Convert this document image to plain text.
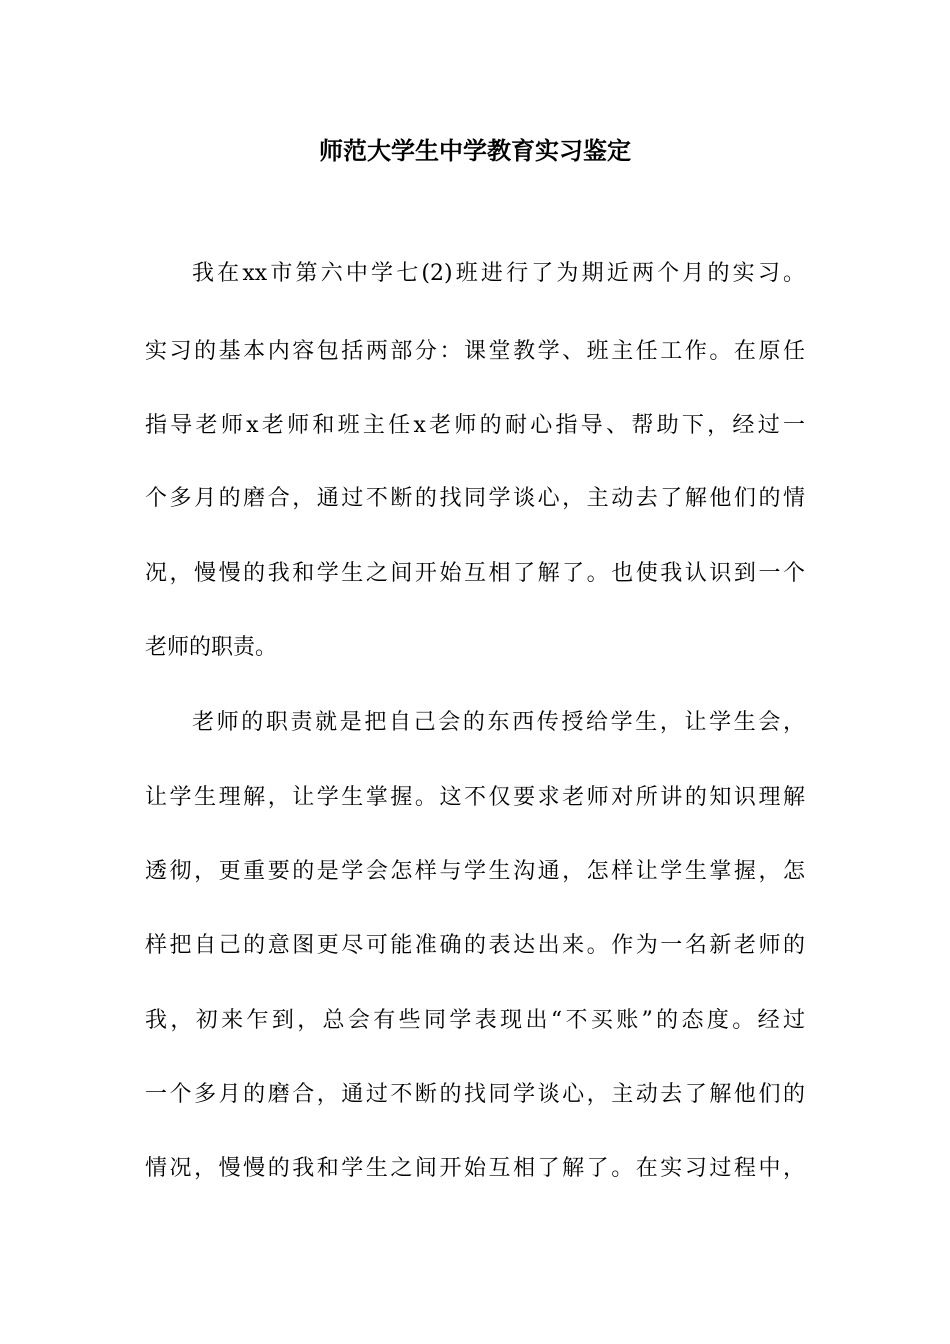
师范大学生中学教育实习鉴定
我在xx市第六中学七(2)班进行了为期近两个月的实习。
实习的基本内容包括两部分：课堂教学、班主任工作。在原任
指导老师x老师和班主任x老师的耐心指导、帮助下，经过一
个多月的磨合，通过不断的找同学谈心，主动去了解他们的情
况，慢慢的我和学生之间开始互相了解了。也使我认识到一个
老师的职责。
老师的职责就是把自己会的东西传授给学生，让学生会，
让学生理解，让学生掌握。这不仅要求老师对所讲的知识理解
透彻，更重要的是学会怎样与学生沟通，怎样让学生掌握，怎
样把自己的意图更尽可能准确的表达出来。作为一名新老师的
我，初来乍到，总会有些同学表现出“不买账”的态度。经过
一个多月的磨合，通过不断的找同学谈心，主动去了解他们的
情况，慢慢的我和学生之间开始互相了解了。在实习过程中，
